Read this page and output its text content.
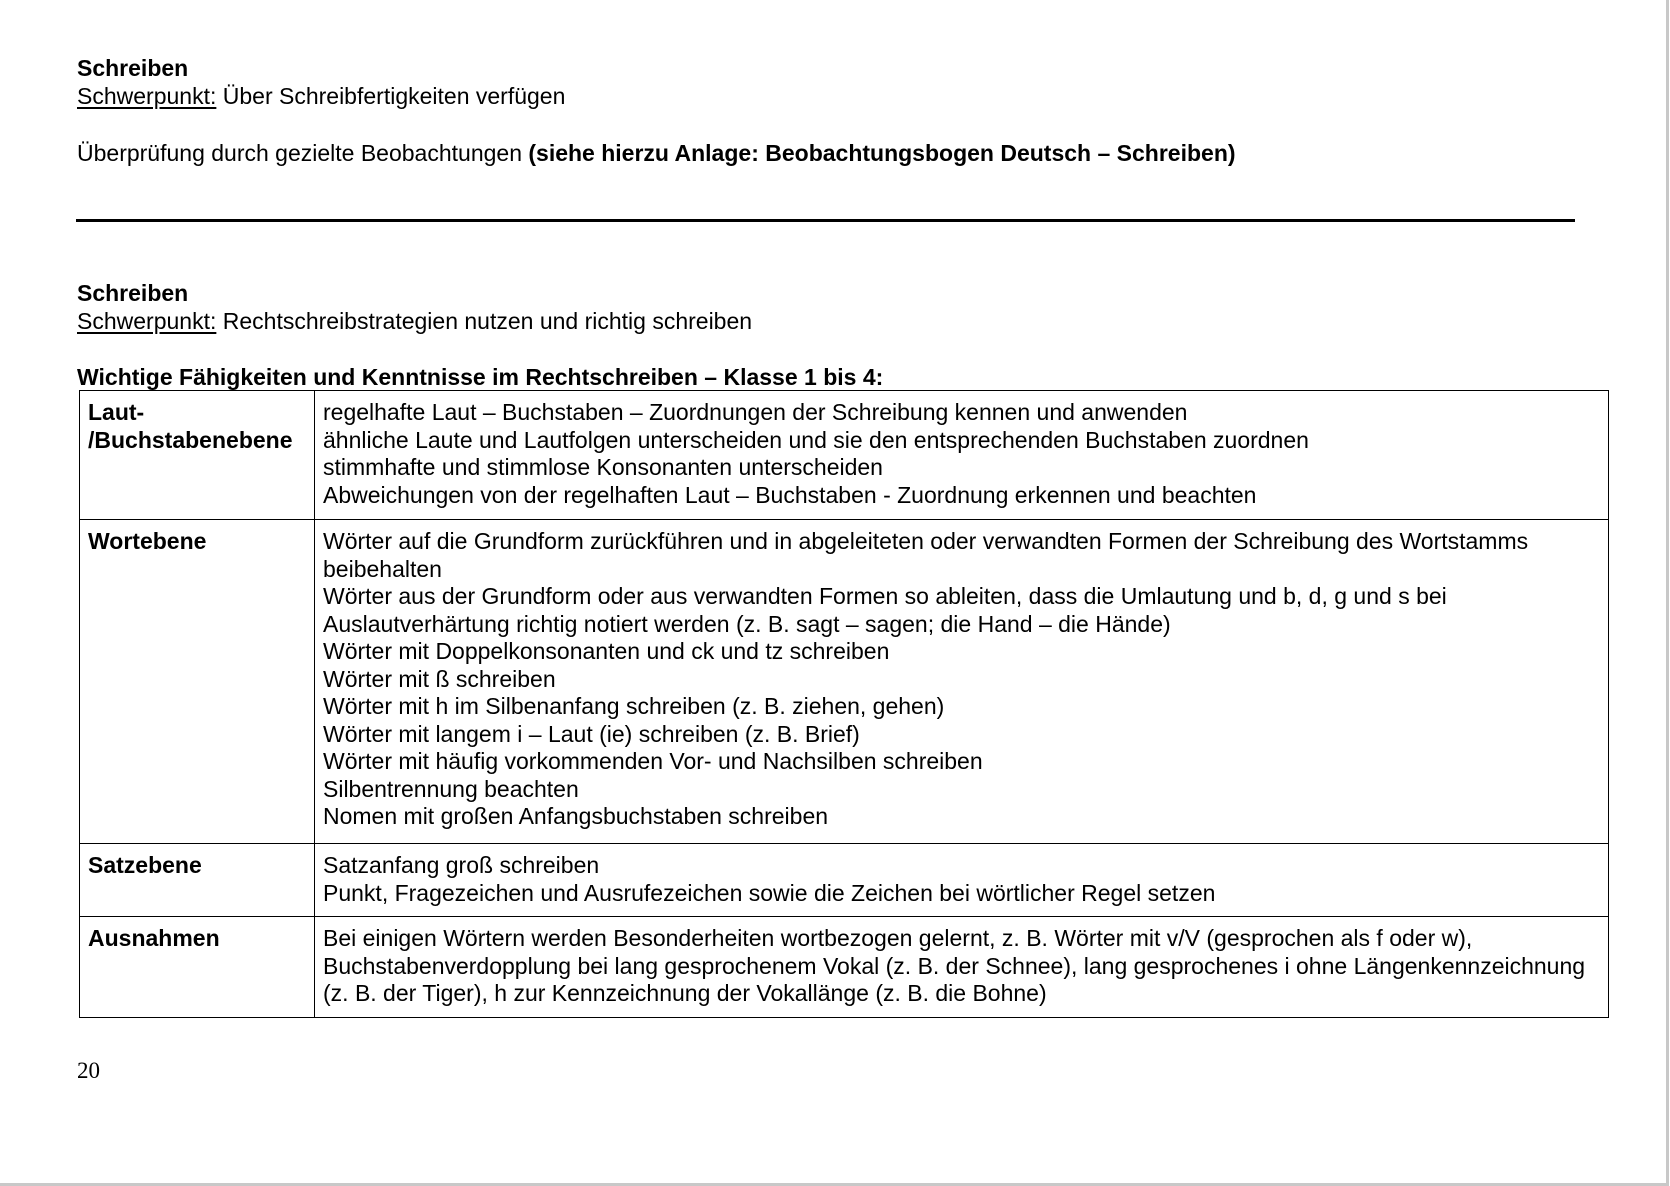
Schreiben
Schwerpunkt: Über Schreibfertigkeiten verfügen
Überprüfung durch gezielte Beobachtungen (siehe hierzu Anlage: Beobachtungsbogen Deutsch – Schreiben)
Schreiben
Schwerpunkt: Rechtschreibstrategien nutzen und richtig schreiben
Wichtige Fähigkeiten und Kenntnisse im Rechtschreiben – Klasse 1 bis 4:
Laut-
/Buchstabenebene	regelhafte Laut – Buchstaben – Zuordnungen der Schreibung kennen und anwenden
ähnliche Laute und Lautfolgen unterscheiden und sie den entsprechenden Buchstaben zuordnen
stimmhafte und stimmlose Konsonanten unterscheiden
Abweichungen von der regelhaften Laut – Buchstaben - Zuordnung erkennen und beachten

Wortebene	Wörter auf die Grundform zurückführen und in abgeleiteten oder verwandten Formen der Schreibung des Wortstamms beibehalten
Wörter aus der Grundform oder aus verwandten Formen so ableiten, dass die Umlautung und b, d, g und s bei Auslautverhärtung richtig notiert werden (z. B. sagt – sagen; die Hand – die Hände)
Wörter mit Doppelkonsonanten und ck und tz schreiben
Wörter mit ß schreiben
Wörter mit h im Silbenanfang schreiben (z. B. ziehen, gehen)
Wörter mit langem i – Laut (ie) schreiben (z. B. Brief)
Wörter mit häufig vorkommenden Vor- und Nachsilben schreiben
Silbentrennung beachten
Nomen mit großen Anfangsbuchstaben schreiben

Satzebene	Satzanfang groß schreiben
Punkt, Fragezeichen und Ausrufezeichen sowie die Zeichen bei wörtlicher Regel setzen

Ausnahmen	Bei einigen Wörtern werden Besonderheiten wortbezogen gelernt, z. B. Wörter mit v/V (gesprochen als f oder w), Buchstabenverdopplung bei lang gesprochenem Vokal (z. B. der Schnee), lang gesprochenes i ohne Längenkennzeichnung (z. B. der Tiger), h zur Kennzeichnung der Vokallänge (z. B. die Bohne)
20
